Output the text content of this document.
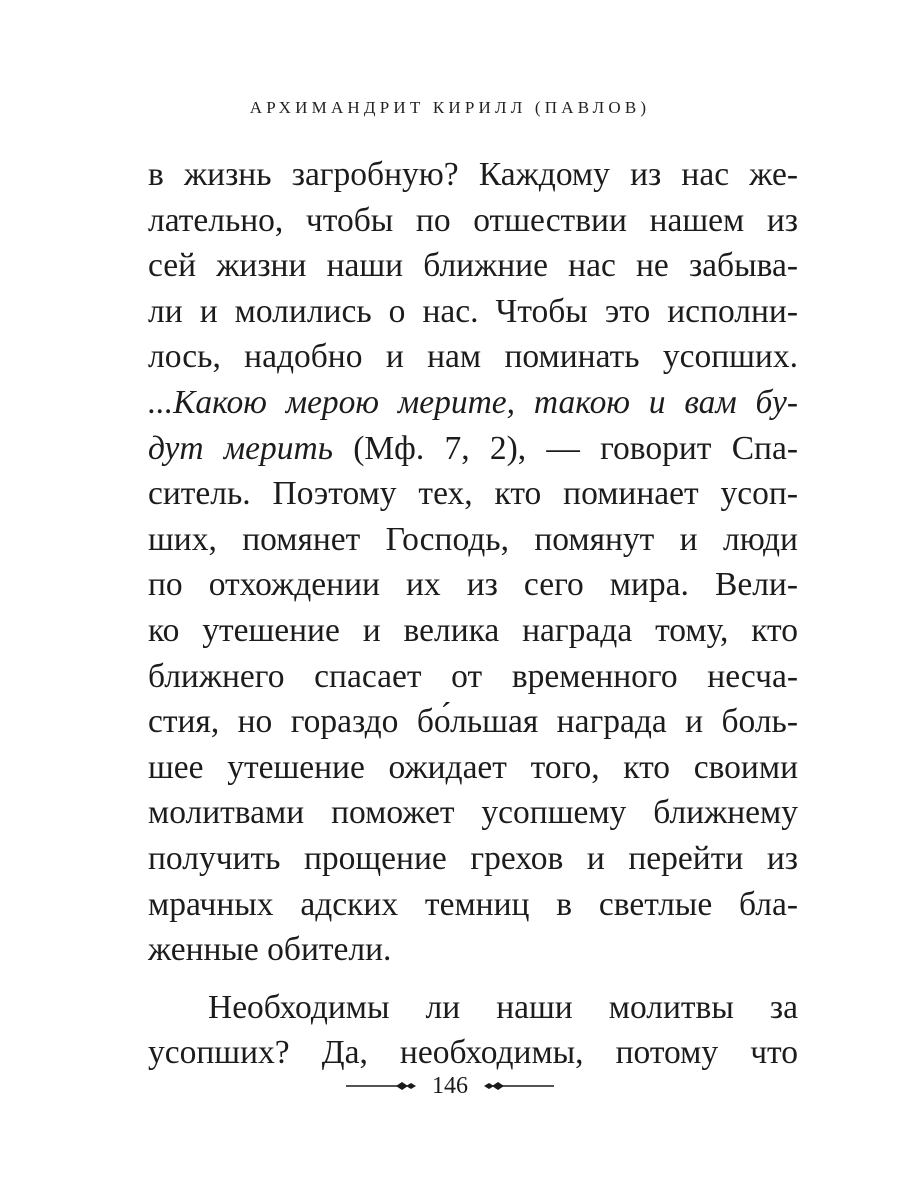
АРХИМАНДРИТ КИРИЛЛ (ПАВЛОВ)
в жизнь загробную? Каждому из нас же-
лательно, чтобы по отшествии нашем из
сей жизни наши ближние нас не забыва-
ли и молились о нас. Чтобы это исполни-
лось, надобно и нам поминать усопших.
...Какою мерою мерите, такою и вам бу-
дут мерить (Мф. 7, 2), — говорит Спа-
ситель. Поэтому тех, кто поминает усоп-
ших, помянет Господь, помянут и люди
по отхождении их из сего мира. Вели-
ко утешение и велика награда тому, кто
ближнего спасает от временного несча-
стия, но гораздо бо́льшая награда и боль-
шее утешение ожидает того, кто своими
молитвами поможет усопшему ближнему
получить прощение грехов и перейти из
мрачных адских темниц в светлые бла-
женные обители.
Необходимы ли наши молитвы за
усопших? Да, необходимы, потому что
146
